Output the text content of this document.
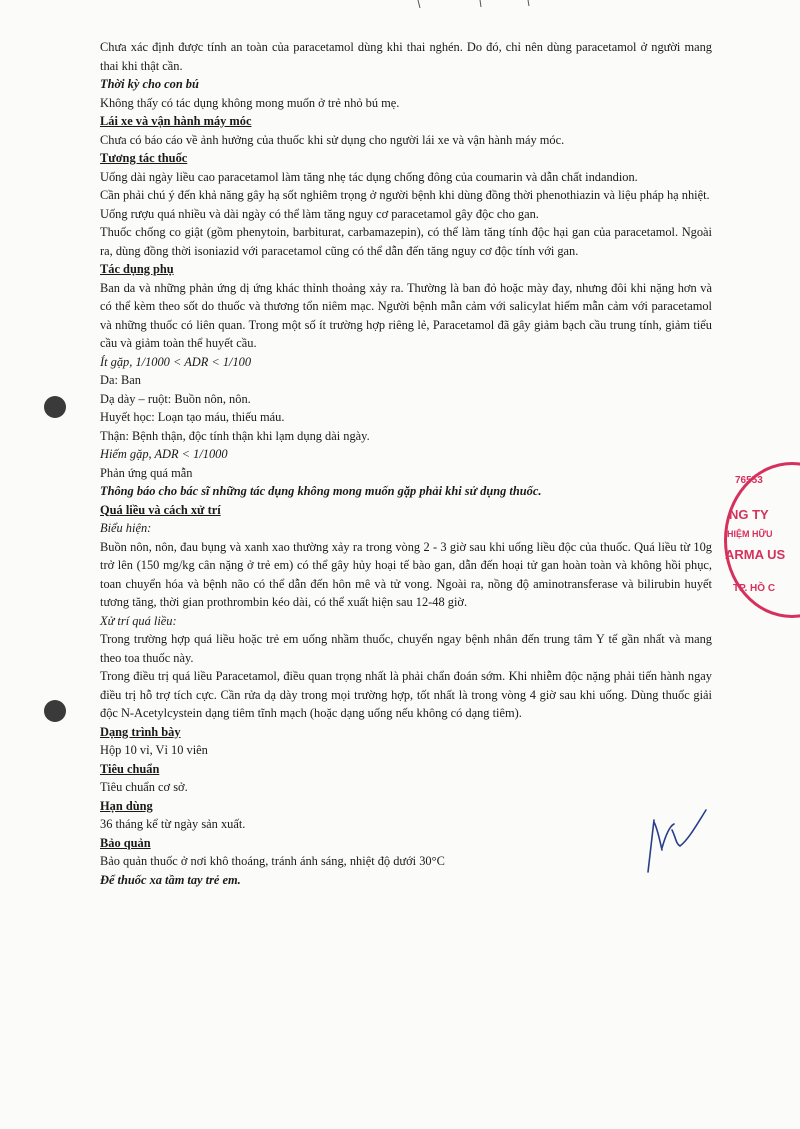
Chưa xác định được tính an toàn của paracetamol dùng khi thai nghén. Do đó, chỉ nên dùng paracetamol ở người mang thai khi thật cần.

Thời kỳ cho con bú

Không thấy có tác dụng không mong muốn ở trẻ nhỏ bú mẹ.

Lái xe và vận hành máy móc

Chưa có báo cáo về ảnh hưởng của thuốc khi sử dụng cho người lái xe và vận hành máy móc.

Tương tác thuốc

Uống dài ngày liều cao paracetamol làm tăng nhẹ tác dụng chống đông của coumarin và dẫn chất indandion.

Cần phải chú ý đến khả năng gây hạ sốt nghiêm trọng ở người bệnh khi dùng đồng thời phenothiazin và liệu pháp hạ nhiệt.

Uống rượu quá nhiều và dài ngày có thể làm tăng nguy cơ paracetamol gây độc cho gan.

Thuốc chống co giật (gồm phenytoin, barbiturat, carbamazepin), có thể làm tăng tính độc hại gan của paracetamol. Ngoài ra, dùng đồng thời isoniazid với paracetamol cũng có thể dẫn đến tăng nguy cơ độc tính với gan.

Tác dụng phụ

Ban da và những phản ứng dị ứng khác thỉnh thoảng xảy ra. Thường là ban đỏ hoặc mày đay, nhưng đôi khi nặng hơn và có thể kèm theo sốt do thuốc và thương tổn niêm mạc. Người bệnh mẫn cảm với salicylat hiếm mẫn cảm với paracetamol và những thuốc có liên quan. Trong một số ít trường hợp riêng lẻ, Paracetamol đã gây giảm bạch cầu trung tính, giảm tiểu cầu và giảm toàn thể huyết cầu.

Ít gặp, 1/1000 < ADR < 1/100

Da: Ban

Dạ dày – ruột: Buồn nôn, nôn.

Huyết học: Loạn tạo máu, thiếu máu.

Thận: Bệnh thận, độc tính thận khi lạm dụng dài ngày.

Hiếm gặp, ADR < 1/1000

Phản ứng quá mẫn

Thông báo cho bác sĩ những tác dụng không mong muốn gặp phải khi sử dụng thuốc.

Quá liều và cách xử trí

Biểu hiện:

Buồn nôn, nôn, đau bụng và xanh xao thường xảy ra trong vòng 2 - 3 giờ sau khi uống liều độc của thuốc. Quá liều từ 10g trở lên (150 mg/kg cân nặng ở trẻ em) có thể gây hủy hoại tế bào gan, dẫn đến hoại tử gan hoàn toàn và không hồi phục, toan chuyển hóa và bệnh não có thể dẫn đến hôn mê và tử vong. Ngoài ra, nồng độ aminotransferase và bilirubin huyết tương tăng, thời gian prothrombin kéo dài, có thể xuất hiện sau 12-48 giờ.

Xử trí quá liều:

Trong trường hợp quá liều hoặc trẻ em uống nhầm thuốc, chuyển ngay bệnh nhân đến trung tâm Y tế gần nhất và mang theo toa thuốc này.

Trong điều trị quá liều Paracetamol, điều quan trọng nhất là phải chẩn đoán sớm. Khi nhiễm độc nặng phải tiến hành ngay điều trị hỗ trợ tích cực. Cần rửa dạ dày trong mọi trường hợp, tốt nhất là trong vòng 4 giờ sau khi uống. Dùng thuốc giải độc N-Acetylcystein dạng tiêm tĩnh mạch (hoặc dạng uống nếu không có dạng tiêm).

Dạng trình bày

Hộp 10 vỉ, Vỉ 10 viên

Tiêu chuẩn

Tiêu chuẩn cơ sở.

Hạn dùng

36 tháng kể từ ngày sản xuất.

Bảo quản

Bảo quản thuốc ở nơi khô thoáng, tránh ánh sáng, nhiệt độ dưới 30°C

Để thuốc xa tầm tay trẻ em.

76553
NG TY
HIỆM HỮU
ARMA US
TP. HỒ C
